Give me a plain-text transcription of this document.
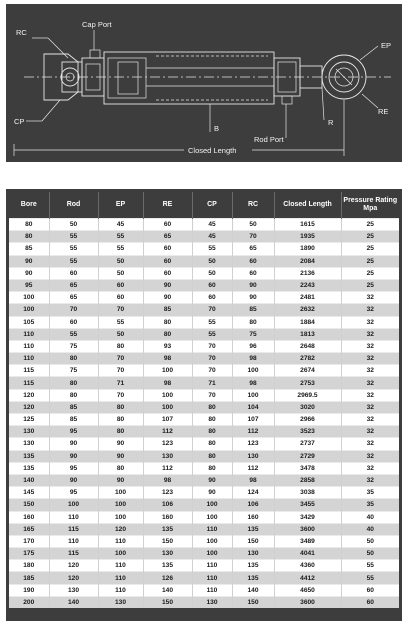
RC
Cap Port
CP
B
Rod Port
R
EP
RE
Closed Length
Bore	Rod	EP	RE	CP	RC	Closed Length	Pressure Rating Mpa
80	50	45	60	45	50	1615	25
80	55	55	65	45	70	1935	25
85	55	55	60	55	65	1890	25
90	55	50	60	50	60	2084	25
90	60	50	60	50	60	2136	25
95	65	60	90	60	90	2243	25
100	65	60	90	60	90	2481	32
100	70	70	85	70	85	2632	32
105	60	55	80	55	80	1884	32
110	55	50	80	55	75	1813	32
110	75	80	93	70	96	2648	32
110	80	70	98	70	98	2782	32
115	75	70	100	70	100	2674	32
115	80	71	98	71	98	2753	32
120	80	70	100	70	100	2969.5	32
120	85	80	100	80	104	3020	32
125	85	80	107	80	107	2966	32
130	95	80	112	80	112	3523	32
130	90	90	123	80	123	2737	32
135	90	90	130	80	130	2729	32
135	95	80	112	80	112	3478	32
140	90	90	98	90	98	2858	32
145	95	100	123	90	124	3038	35
150	100	100	106	100	106	3455	35
160	110	100	160	100	160	3429	40
165	115	120	135	110	135	3600	40
170	110	110	150	100	150	3489	50
175	115	100	130	100	130	4041	50
180	120	110	135	110	135	4360	55
185	120	110	126	110	135	4412	55
190	130	110	140	110	140	4650	60
200	140	130	150	130	150	3600	60
